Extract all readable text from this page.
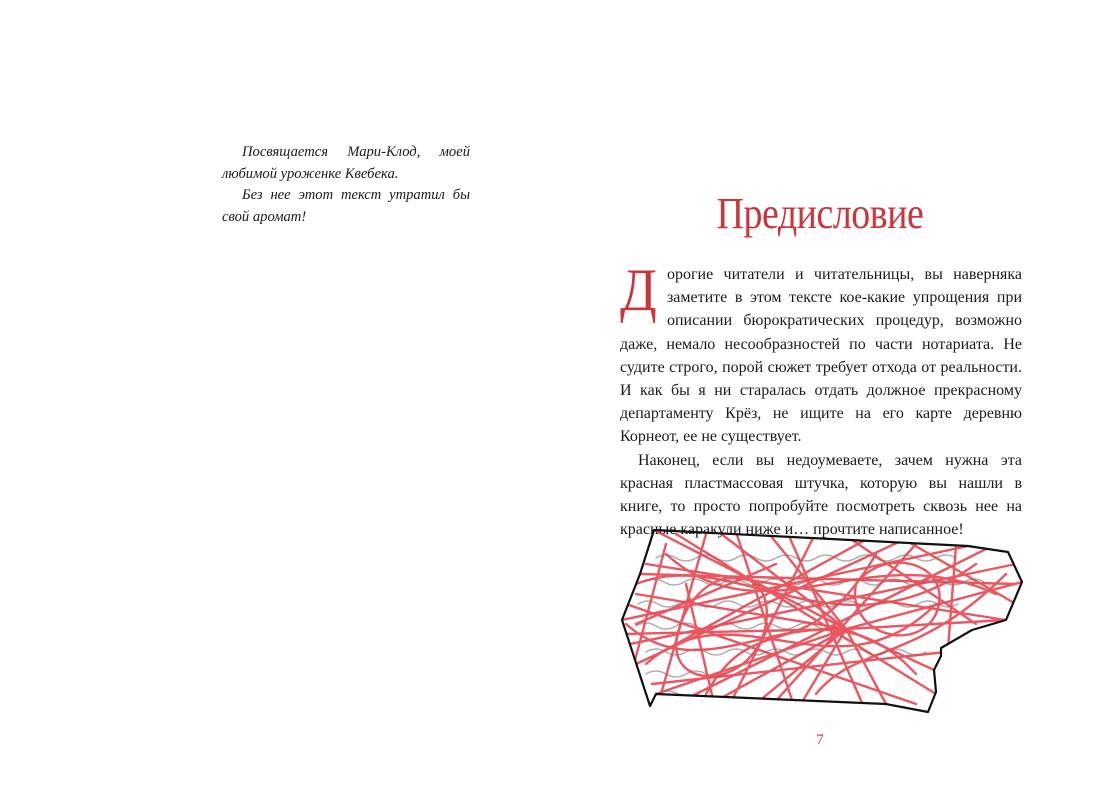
Посвящается Мари-Клод, моей любимой уроженке Квебека.

Без нее этот текст утратил бы свой аромат!	Предисловие

Дорогие читатели и читательницы, вы наверняка заметите в этом тексте кое-какие упрощения при описании бюрократических процедур, возможно даже, немало несообразностей по части нотариата. Не судите строго, порой сюжет требует отхода от реальности. И как бы я ни старалась отдать должное прекрасному департаменту Крёз, не ищите на его карте деревню Корнеот, ее не существует.

Наконец, если вы недоумеваете, зачем нужна эта красная пластмассовая штучка, которую вы нашли в книге, то просто попробуйте посмотреть сквозь нее на красные каракули ниже и… прочтите написанное!

7
